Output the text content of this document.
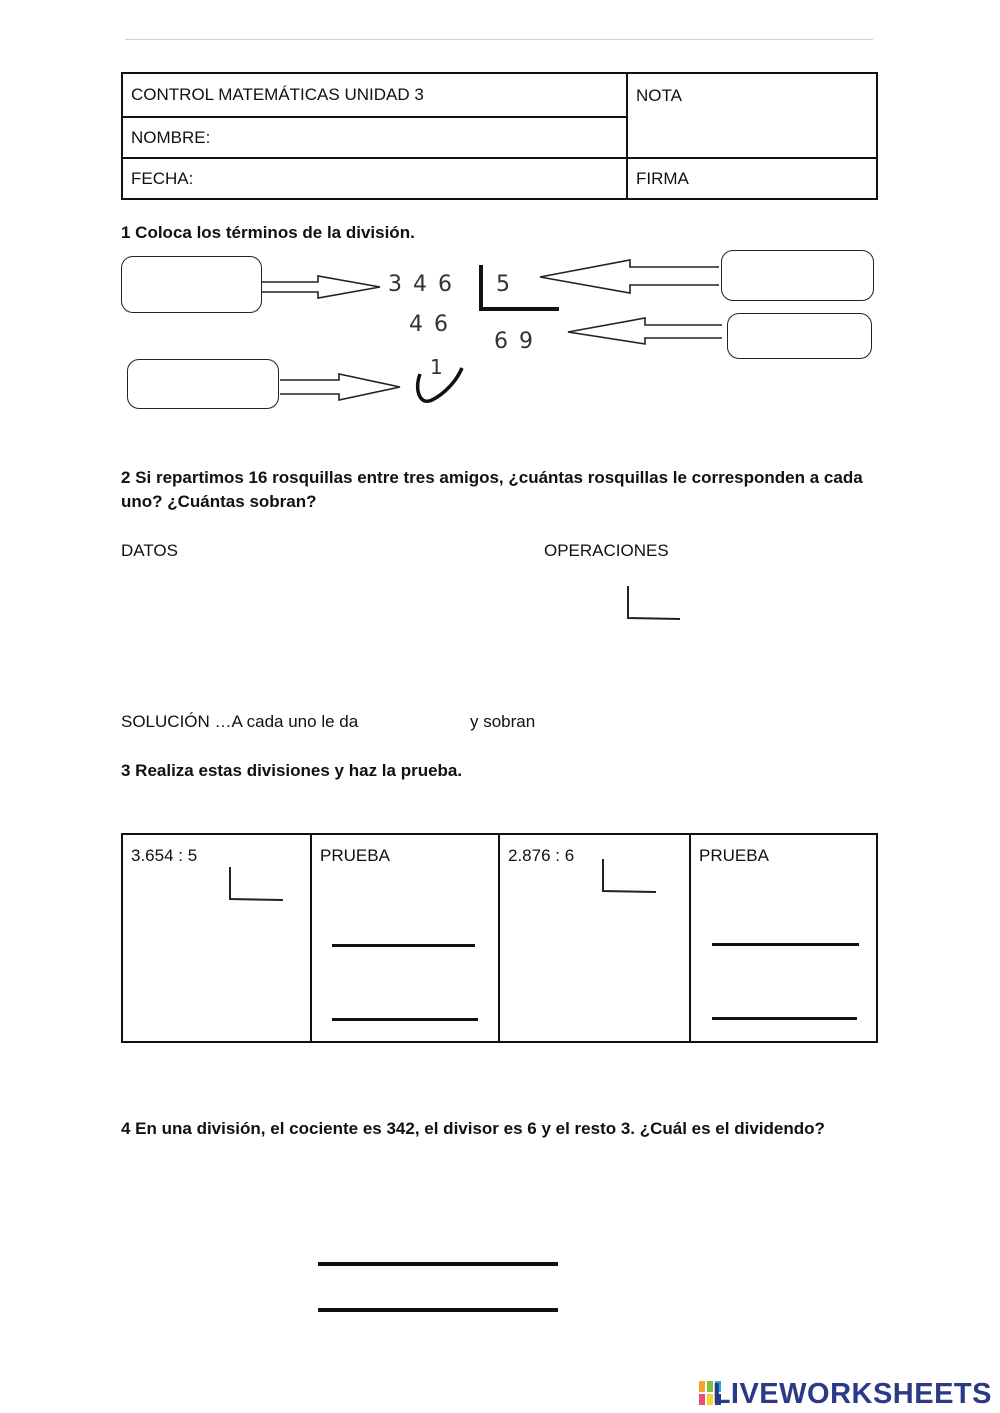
CONTROL MATEMÁTICAS UNIDAD 3	NOTA
NOMBRE:	
FECHA:	FIRMA
1 Coloca los términos de la división.
3 4 6 5
4 6
6 9
1
2 Si repartimos 16 rosquillas entre tres amigos, ¿cuántas rosquillas le corresponden a cada uno? ¿Cuántas sobran?
DATOS	OPERACIONES
SOLUCIÓN …A cada uno le da	y sobran
3 Realiza estas divisiones y haz la prueba.
3.654 : 5	PRUEBA	2.876 : 6	PRUEBA
4 En una división, el cociente es 342, el divisor es 6 y el resto 3. ¿Cuál es el dividendo?
LIVEWORKSHEETS
